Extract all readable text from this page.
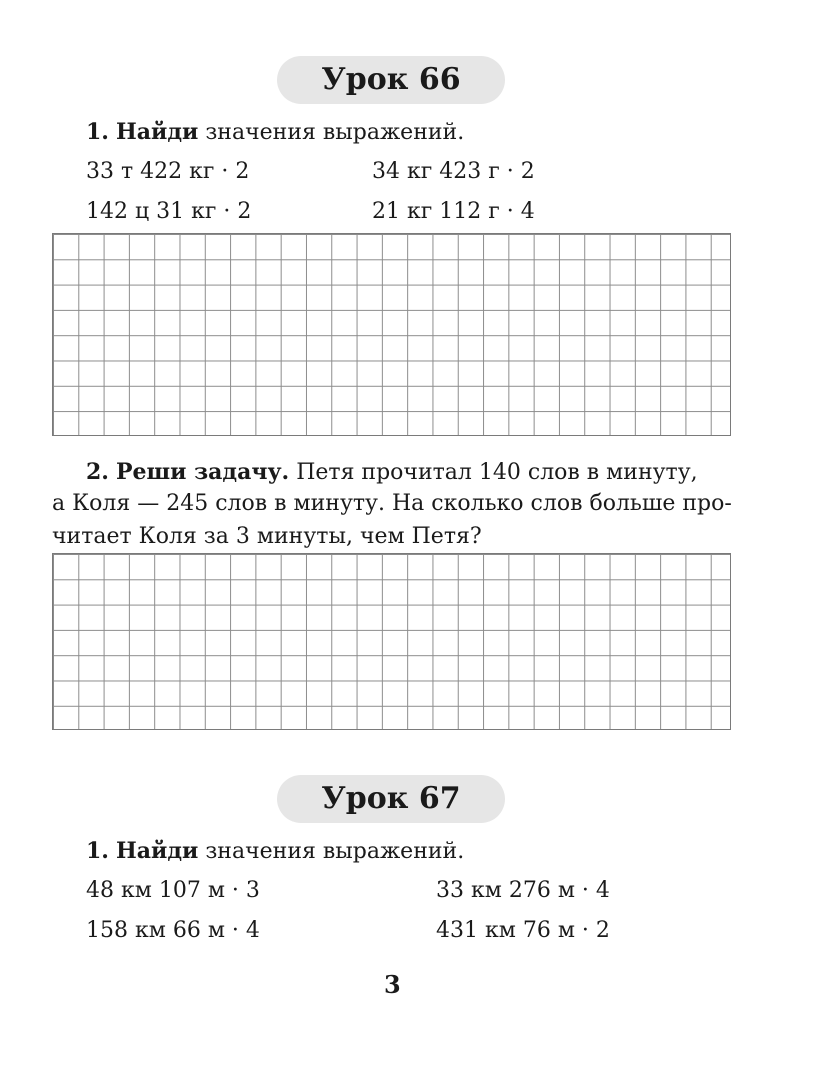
Урок 66
1. Найди значения выражений.
33 т 422 кг · 2	34 кг 423 г · 2
142 ц 31 кг · 2	21 кг 112 г · 4
2. Реши задачу. Петя прочитал 140 слов в минуту,
а Коля — 245 слов в минуту. На сколько слов больше про-
читает Коля за 3 минуты, чем Петя?
Урок 67
1. Найди значения выражений.
48 км 107 м · 3	33 км 276 м · 4
158 км 66 м · 4	431 км 76 м · 2
3
